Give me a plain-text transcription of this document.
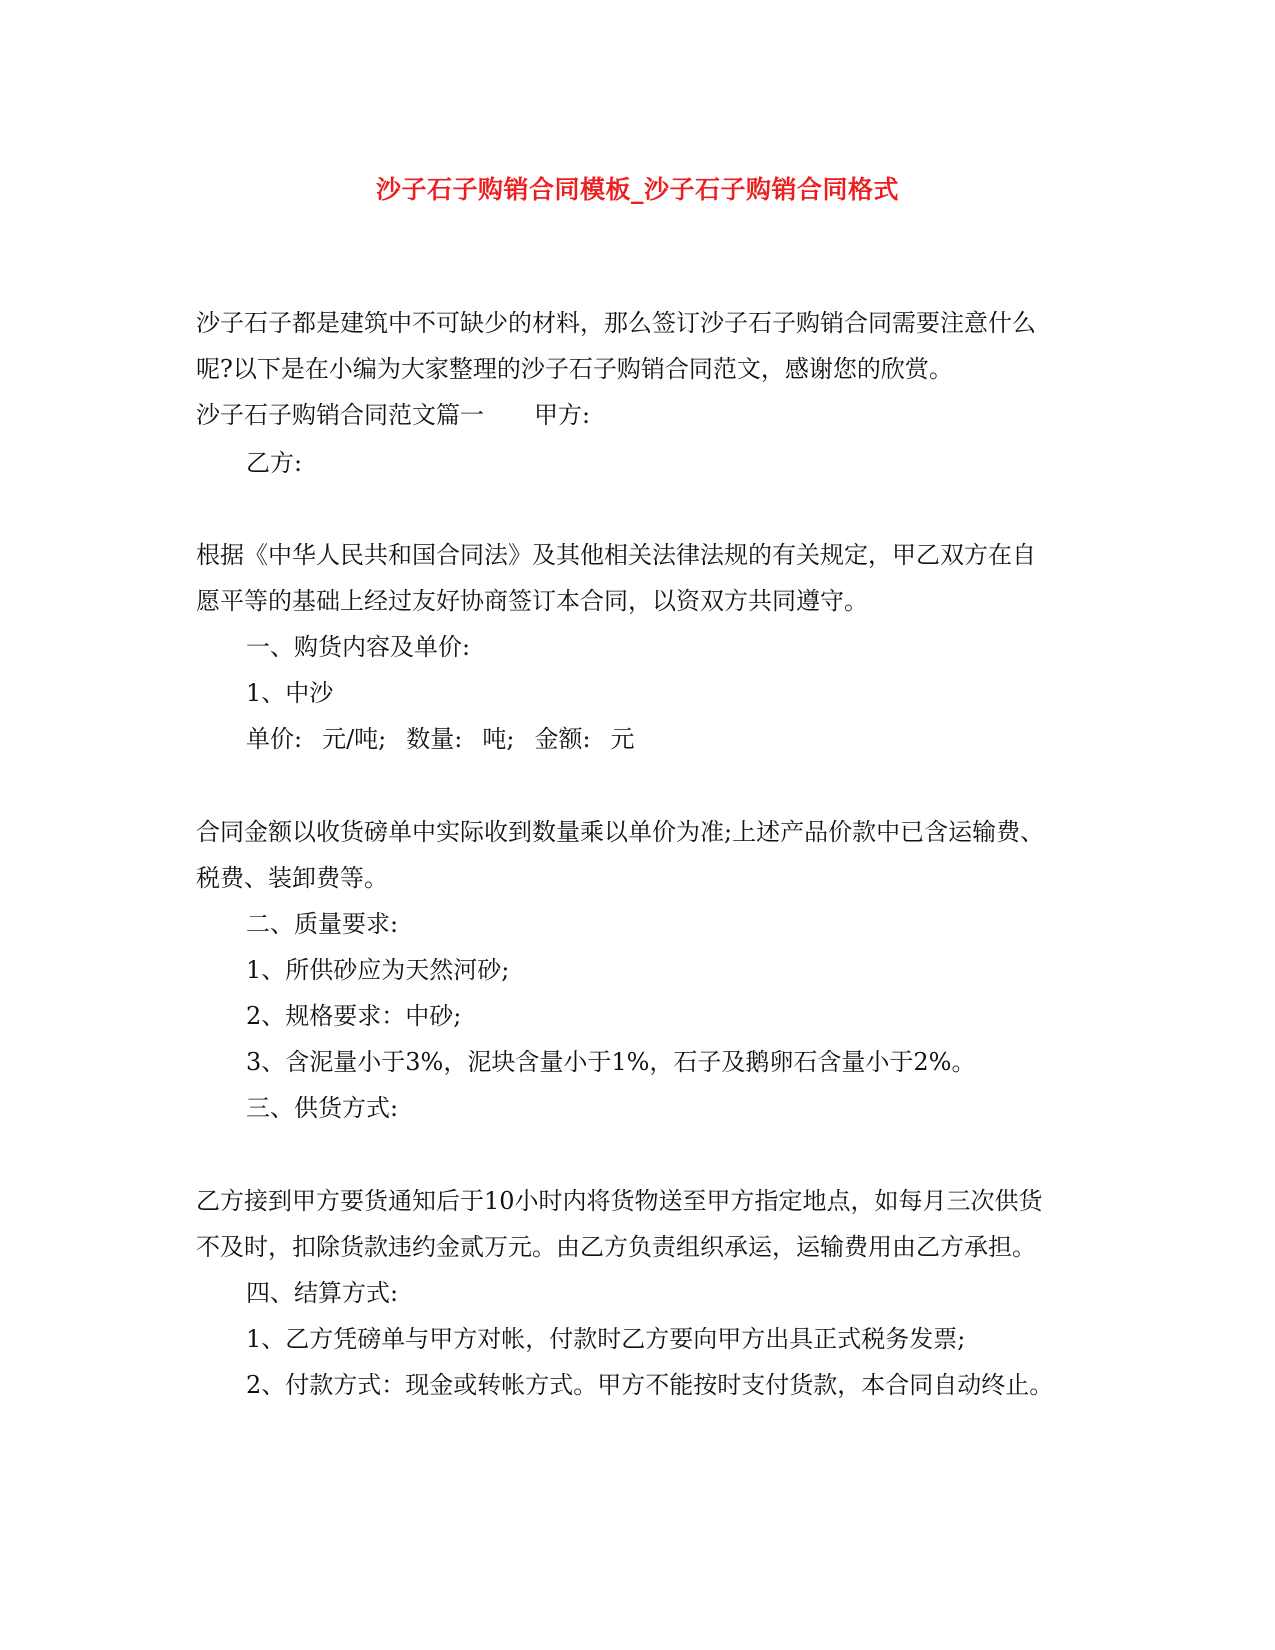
沙子石子购销合同模板_沙子石子购销合同格式
沙子石子都是建筑中不可缺少的材料，那么签订沙子石子购销合同需要注意什么
呢?以下是在小编为大家整理的沙子石子购销合同范文，感谢您的欣赏。
沙子石子购销合同范文篇一 甲方:
乙方:
根据《中华人民共和国合同法》及其他相关法律法规的有关规定，甲乙双方在自
愿平等的基础上经过友好协商签订本合同，以资双方共同遵守。
一、购货内容及单价:
1、中沙
单价: 元/吨; 数量: 吨; 金额: 元
合同金额以收货磅单中实际收到数量乘以单价为准;上述产品价款中已含运输费、
税费、装卸费等。
二、质量要求:
1、所供砂应为天然河砂;
2、规格要求：中砂;
3、含泥量小于3%，泥块含量小于1%，石子及鹅卵石含量小于2%。
三、供货方式:
乙方接到甲方要货通知后于10小时内将货物送至甲方指定地点，如每月三次供货
不及时，扣除货款违约金贰万元。由乙方负责组织承运，运输费用由乙方承担。
四、结算方式:
1、乙方凭磅单与甲方对帐，付款时乙方要向甲方出具正式税务发票;
2、付款方式：现金或转帐方式。甲方不能按时支付货款，本合同自动终止。
